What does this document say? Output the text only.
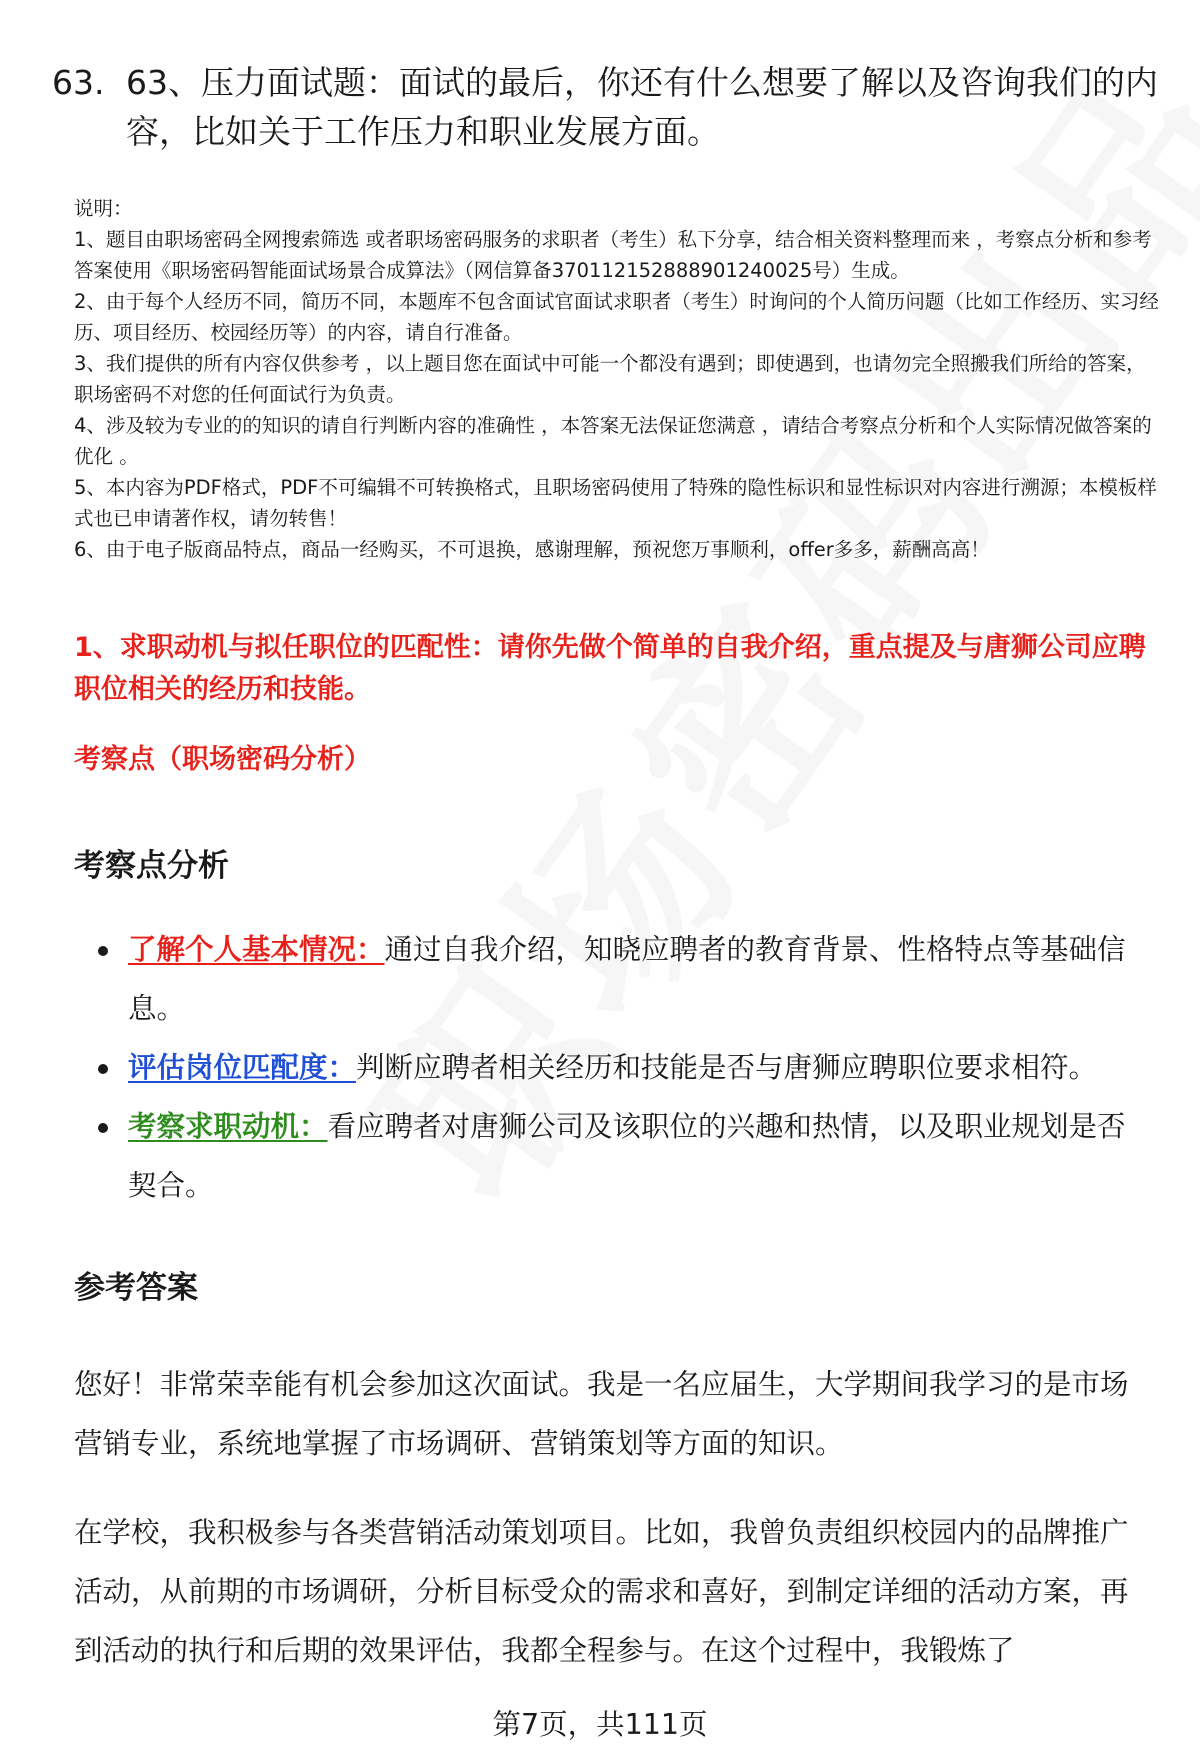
63. 63、压力面试题：面试的最后，你还有什么想要了解以及咨询我们的内容，比如关于工作压力和职业发展方面。

说明：

1、题目由职场密码全网搜索筛选 或者职场密码服务的求职者（考生）私下分享，结合相关资料整理而来 ，考察点分析和参考答案使用《职场密码智能面试场景合成算法》（网信算备370112152888901240025号）生成。

2、由于每个人经历不同，简历不同，本题库不包含面试官面试求职者（考生）时询问的个人简历问题（比如工作经历、实习经历、项目经历、校园经历等）的内容，请自行准备。

3、我们提供的所有内容仅供参考 ，以上题目您在面试中可能一个都没有遇到；即使遇到，也请勿完全照搬我们所给的答案，职场密码不对您的任何面试行为负责。

4、涉及较为专业的的知识的请自行判断内容的准确性 ，本答案无法保证您满意 ，请结合考察点分析和个人实际情况做答案的优化 。

5、本内容为PDF格式，PDF不可编辑不可转换格式，且职场密码使用了特殊的隐性标识和显性标识对内容进行溯源；本模板样式也已申请著作权，请勿转售！

6、由于电子版商品特点，商品一经购买，不可退换，感谢理解，预祝您万事顺利，offer多多，薪酬高高！

1、求职动机与拟任职位的匹配性：请你先做个简单的自我介绍，重点提及与唐狮公司应聘职位相关的经历和技能。
考察点（职场密码分析）
考察点分析
了解个人基本情况：通过自我介绍，知晓应聘者的教育背景、性格特点等基础信息。
评估岗位匹配度：判断应聘者相关经历和技能是否与唐狮应聘职位要求相符。
考察求职动机：看应聘者对唐狮公司及该职位的兴趣和热情，以及职业规划是否契合。
参考答案

您好！非常荣幸能有机会参加这次面试。我是一名应届生，大学期间我学习的是市场营销专业，系统地掌握了市场调研、营销策划等方面的知识。

在学校，我积极参与各类营销活动策划项目。比如，我曾负责组织校园内的品牌推广活动，从前期的市场调研，分析目标受众的需求和喜好，到制定详细的活动方案，再到活动的执行和后期的效果评估，我都全程参与。在这个过程中，我锻炼了

第7页，共111页
